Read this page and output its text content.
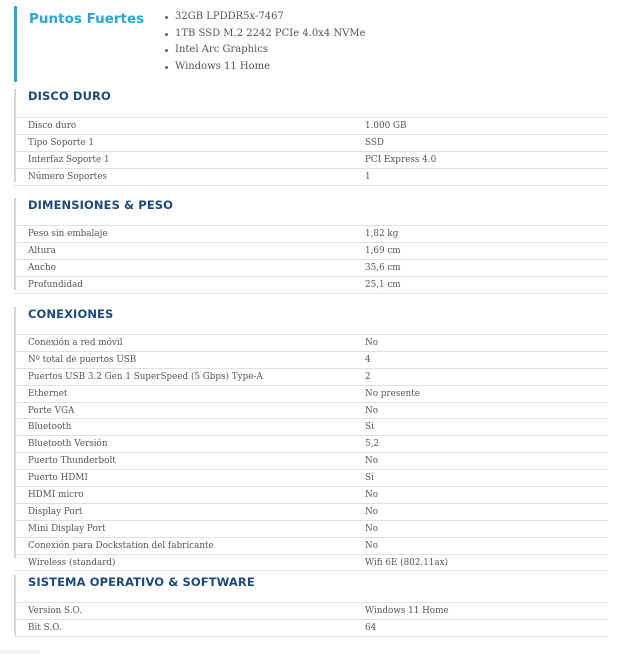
Puntos Fuertes	32GB LPDDR5x-7467
1TB SSD M.2 2242 PCIe 4.0x4 NVMe
Intel Arc Graphics
Windows 11 Home
DISCO DURO
Disco duro	1.000 GB
Tipo Soporte 1	SSD
Interfaz Soporte 1	PCI Express 4.0
Número Soportes	1
DIMENSIONES & PESO
Peso sin embalaje	1,82 kg
Altura	1,69 cm
Ancho	35,6 cm
Profundidad	25,1 cm
CONEXIONES
Conexión a red móvil	No
Nº total de puertos USB	4
Puertos USB 3.2 Gen 1 SuperSpeed (5 Gbps) Type-A	2
Ethernet	No presente
Porte VGA	No
Bluetooth	Si
Bluetooth Versión	5,2
Puerto Thunderbolt	No
Puerto HDMI	Si
HDMI micro	No
Display Port	No
Mini Display Port	No
Conexión para Dockstation del fabricante	No
Wireless (standard)	Wifi 6E (802.11ax)
SISTEMA OPERATIVO & SOFTWARE
Version S.O.	Windows 11 Home
Bit S.O.	64
